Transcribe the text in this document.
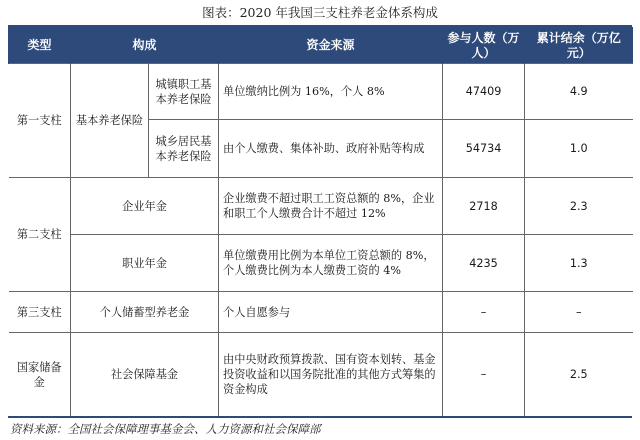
图表：2020 年我国三支柱养老金体系构成
类型	构成		资金来源	参与人数（万人）	累计结余（万亿元）
第一支柱	基本养老保险	城镇职工基本养老保险	单位缴纳比例为 16%，个人 8%	47409	4.9
		城乡居民基本养老保险	由个人缴费、集体补助、政府补贴等构成	54734	1.0
第二支柱	企业年金		企业缴费不超过职工工资总额的 8%，企业和职工个人缴费合计不超过 12%	2718	2.3
	职业年金		单位缴费用比例为本单位工资总额的 8%，个人缴费比例为本人缴费工资的 4%	4235	1.3
第三支柱	个人储蓄型养老金		个人自愿参与	–	–
国家储备金	社会保障基金		由中央财政预算拨款、国有资本划转、基金投资收益和以国务院批准的其他方式筹集的资金构成	–	2.5
资料来源：全国社会保障理事基金会、人力资源和社会保障部
